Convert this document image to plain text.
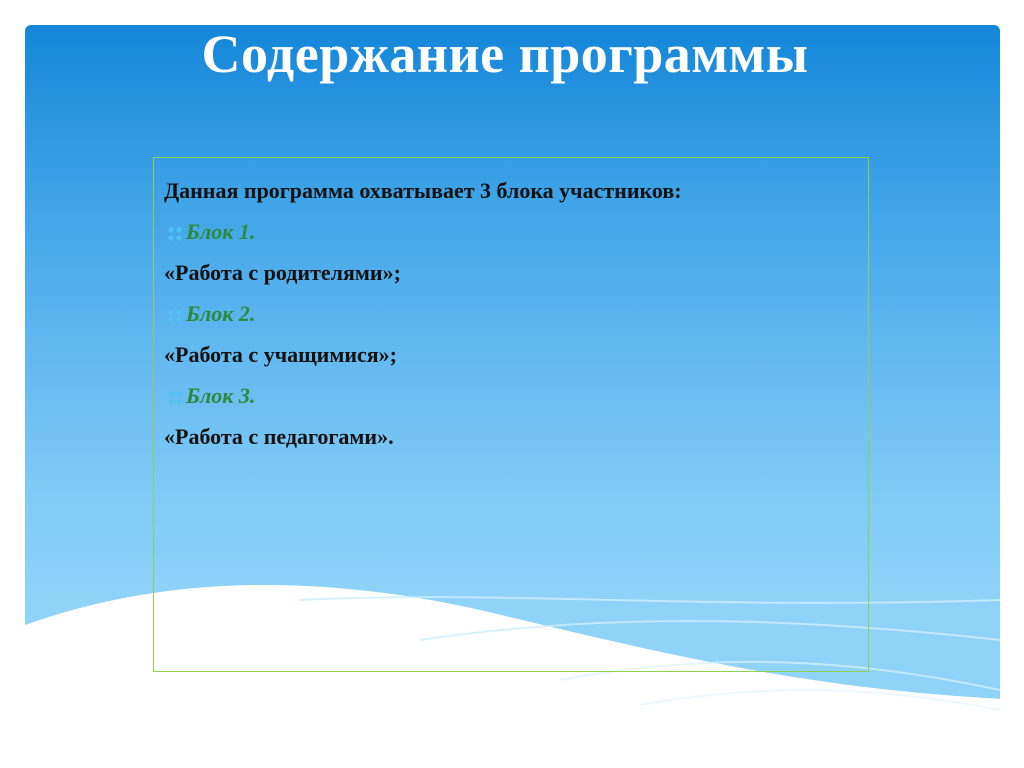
Содержание программы
Данная программа охватывает 3 блока участников:
Блок 1.
«Работа с родителями»;
Блок 2.
«Работа с учащимися»;
Блок 3.
«Работа с педагогами».
